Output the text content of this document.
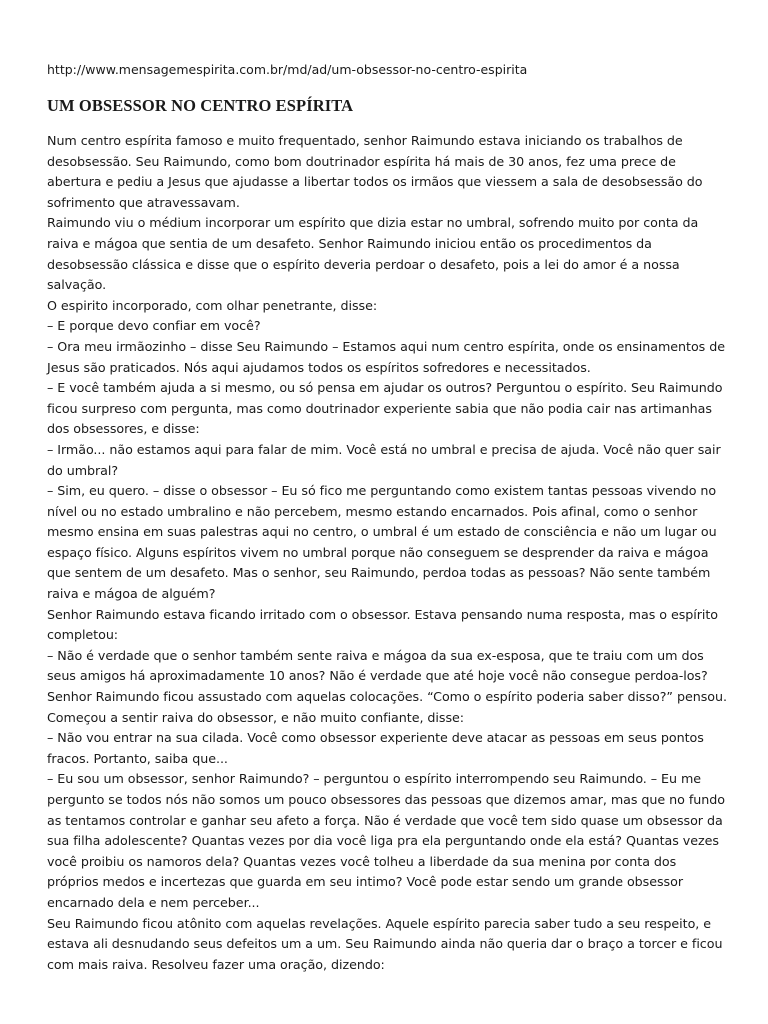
http://www.mensagemespirita.com.br/md/ad/um-obsessor-no-centro-espirita

UM OBSESSOR NO CENTRO ESPÍRITA

Num centro espírita famoso e muito frequentado, senhor Raimundo estava iniciando os trabalhos de desobsessão. Seu Raimundo, como bom doutrinador espírita há mais de 30 anos, fez uma prece de abertura e pediu a Jesus que ajudasse a libertar todos os irmãos que viessem a sala de desobsessão do sofrimento que atravessavam.

Raimundo viu o médium incorporar um espírito que dizia estar no umbral, sofrendo muito por conta da raiva e mágoa que sentia de um desafeto. Senhor Raimundo iniciou então os procedimentos da desobsessão clássica e disse que o espírito deveria perdoar o desafeto, pois a lei do amor é a nossa salvação.

O espirito incorporado, com olhar penetrante, disse:

– E porque devo confiar em você?

– Ora meu irmãozinho – disse Seu Raimundo – Estamos aqui num centro espírita, onde os ensinamentos de Jesus são praticados. Nós aqui ajudamos todos os espíritos sofredores e necessitados.

– E você também ajuda a si mesmo, ou só pensa em ajudar os outros? Perguntou o espírito. Seu Raimundo ficou surpreso com pergunta, mas como doutrinador experiente sabia que não podia cair nas artimanhas dos obsessores, e disse:

– Irmão... não estamos aqui para falar de mim. Você está no umbral e precisa de ajuda. Você não quer sair do umbral?

– Sim, eu quero. – disse o obsessor – Eu só fico me perguntando como existem tantas pessoas vivendo no nível ou no estado umbralino e não percebem, mesmo estando encarnados. Pois afinal, como o senhor mesmo ensina em suas palestras aqui no centro, o umbral é um estado de consciência e não um lugar ou espaço físico. Alguns espíritos vivem no umbral porque não conseguem se desprender da raiva e mágoa que sentem de um desafeto. Mas o senhor, seu Raimundo, perdoa todas as pessoas? Não sente também raiva e mágoa de alguém?

Senhor Raimundo estava ficando irritado com o obsessor. Estava pensando numa resposta, mas o espírito completou:

– Não é verdade que o senhor também sente raiva e mágoa da sua ex-esposa, que te traiu com um dos seus amigos há aproximadamente 10 anos? Não é verdade que até hoje você não consegue perdoa-los?

Senhor Raimundo ficou assustado com aquelas colocações. “Como o espírito poderia saber disso?” pensou. Começou a sentir raiva do obsessor, e não muito confiante, disse:

– Não vou entrar na sua cilada. Você como obsessor experiente deve atacar as pessoas em seus pontos fracos. Portanto, saiba que...

– Eu sou um obsessor, senhor Raimundo? – perguntou o espírito interrompendo seu Raimundo. – Eu me pergunto se todos nós não somos um pouco obsessores das pessoas que dizemos amar, mas que no fundo as tentamos controlar e ganhar seu afeto a força. Não é verdade que você tem sido quase um obsessor da sua filha adolescente? Quantas vezes por dia você liga pra ela perguntando onde ela está? Quantas vezes você proibiu os namoros dela? Quantas vezes você tolheu a liberdade da sua menina por conta dos próprios medos e incertezas que guarda em seu intimo? Você pode estar sendo um grande obsessor encarnado dela e nem perceber...

Seu Raimundo ficou atônito com aquelas revelações. Aquele espírito parecia saber tudo a seu respeito, e estava ali desnudando seus defeitos um a um. Seu Raimundo ainda não queria dar o braço a torcer e ficou com mais raiva. Resolveu fazer uma oração, dizendo:
